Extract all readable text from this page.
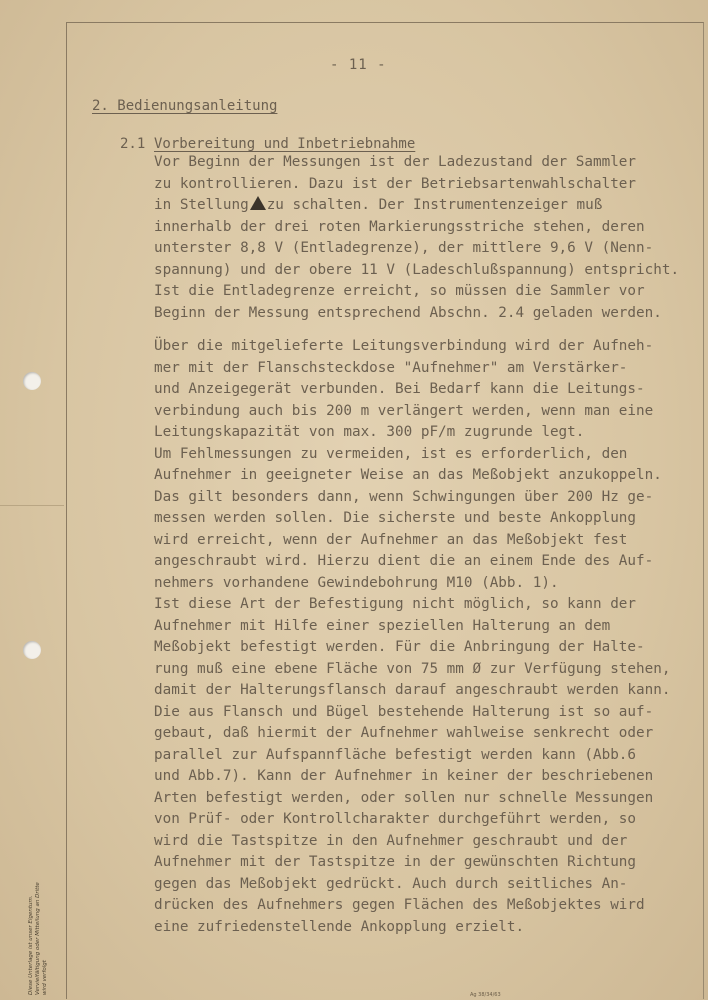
- 11 -
2. Bedienungsanleitung
2.1 Vorbereitung und Inbetriebnahme
Vor Beginn der Messungen ist der Ladezustand der Sammler
zu kontrollieren. Dazu ist der Betriebsartenwahlschalter
in Stellung zu schalten. Der Instrumentenzeiger muß
innerhalb der drei roten Markierungsstriche stehen, deren
unterster 8,8 V (Entladegrenze), der mittlere 9,6 V (Nenn-
spannung) und der obere 11 V (Ladeschlußspannung) entspricht.
Ist die Entladegrenze erreicht, so müssen die Sammler vor
Beginn der Messung entsprechend Abschn. 2.4 geladen werden.
Über die mitgelieferte Leitungsverbindung wird der Aufneh-
mer mit der Flanschsteckdose "Aufnehmer" am Verstärker-
und Anzeigegerät verbunden. Bei Bedarf kann die Leitungs-
verbindung auch bis 200 m verlängert werden, wenn man eine
Leitungskapazität von max. 300 pF/m zugrunde legt.
Um Fehlmessungen zu vermeiden, ist es erforderlich, den
Aufnehmer in geeigneter Weise an das Meßobjekt anzukoppeln.
Das gilt besonders dann, wenn Schwingungen über 200 Hz ge-
messen werden sollen. Die sicherste und beste Ankopplung
wird erreicht, wenn der Aufnehmer an das Meßobjekt fest
angeschraubt wird. Hierzu dient die an einem Ende des Auf-
nehmers vorhandene Gewindebohrung M10 (Abb. 1).
Ist diese Art der Befestigung nicht möglich, so kann der
Aufnehmer mit Hilfe einer speziellen Halterung an dem
Meßobjekt befestigt werden. Für die Anbringung der Halte-
rung muß eine ebene Fläche von 75 mm Ø zur Verfügung stehen,
damit der Halterungsflansch darauf angeschraubt werden kann.
Die aus Flansch und Bügel bestehende Halterung ist so auf-
gebaut, daß hiermit der Aufnehmer wahlweise senkrecht oder
parallel zur Aufspannfläche befestigt werden kann (Abb.6
und Abb.7). Kann der Aufnehmer in keiner der beschriebenen
Arten befestigt werden, oder sollen nur schnelle Messungen
von Prüf- oder Kontrollcharakter durchgeführt werden, so
wird die Tastspitze in den Aufnehmer geschraubt und der
Aufnehmer mit der Tastspitze in der gewünschten Richtung
gegen das Meßobjekt gedrückt. Auch durch seitliches An-
drücken des Aufnehmers gegen Flächen des Meßobjektes wird
eine zufriedenstellende Ankopplung erzielt.
Diese Unterlage ist unser Eigentum. Vervielfältigung oder Mitteilung an Dritte wird verfolgt	Ag 38/34/63
